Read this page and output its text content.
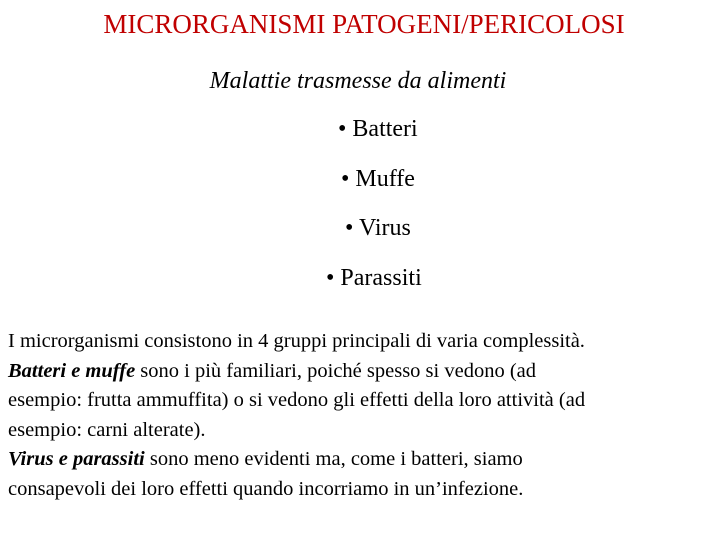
MICRORGANISMI PATOGENI/PERICOLOSI
Malattie trasmesse da alimenti
• Batteri
• Muffe
• Virus
• Parassiti

I microrganismi consistono in 4 gruppi principali di varia complessità.

Batteri e muffe sono i più familiari, poiché spesso si vedono (ad

esempio: frutta ammuffita) o si vedono gli effetti della loro attività (ad

esempio: carni alterate).

Virus e parassiti sono meno evidenti ma, come i batteri, siamo

consapevoli dei loro effetti quando incorriamo in un’infezione.
